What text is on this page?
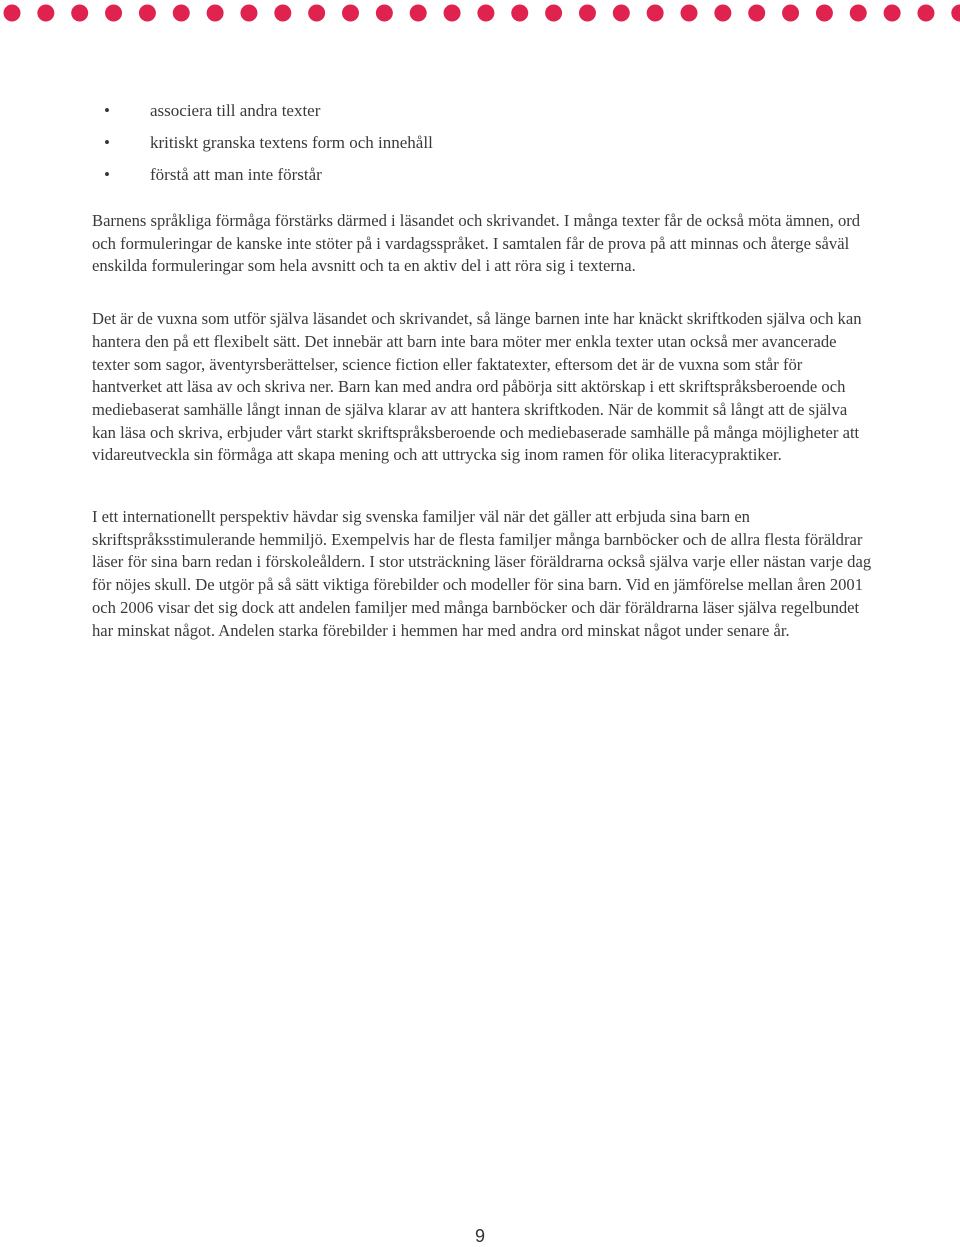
• associera till andra texter
• kritiskt granska textens form och innehåll
• förstå att man inte förstår

Barnens språkliga förmåga förstärks därmed i läsandet och skrivandet. I många texter får de också möta ämnen, ord och formuleringar de kanske inte stöter på i vardagsspråket. I samtalen får de prova på att minnas och återge såväl enskilda formuleringar som hela avsnitt och ta en aktiv del i att röra sig i texterna.

Det är de vuxna som utför själva läsandet och skrivandet, så länge barnen inte har knäckt skriftkoden själva och kan hantera den på ett flexibelt sätt. Det innebär att barn inte bara möter mer enkla texter utan också mer avancerade texter som sagor, äventyrsberättelser, science fiction eller faktatexter, eftersom det är de vuxna som står för hantverket att läsa av och skriva ner. Barn kan med andra ord påbörja sitt aktörskap i ett skriftspråksberoende och mediebaserat samhälle långt innan de själva klarar av att hantera skriftkoden. När de kommit så långt att de själva kan läsa och skriva, erbjuder vårt starkt skriftspråksberoende och mediebaserade samhälle på många möjligheter att vidareutveckla sin förmåga att skapa mening och att uttrycka sig inom ramen för olika literacypraktiker.

I ett internationellt perspektiv hävdar sig svenska familjer väl när det gäller att erbjuda sina barn en skriftspråksstimulerande hemmiljö. Exempelvis har de flesta familjer många barnböcker och de allra flesta föräldrar läser för sina barn redan i förskoleåldern. I stor utsträckning läser föräldrarna också själva varje eller nästan varje dag för nöjes skull. De utgör på så sätt viktiga förebilder och modeller för sina barn. Vid en jämförelse mellan åren 2001 och 2006 visar det sig dock att andelen familjer med många barnböcker och där föräldrarna läser själva regelbundet har minskat något. Andelen starka förebilder i hemmen har med andra ord minskat något under senare år.

9
